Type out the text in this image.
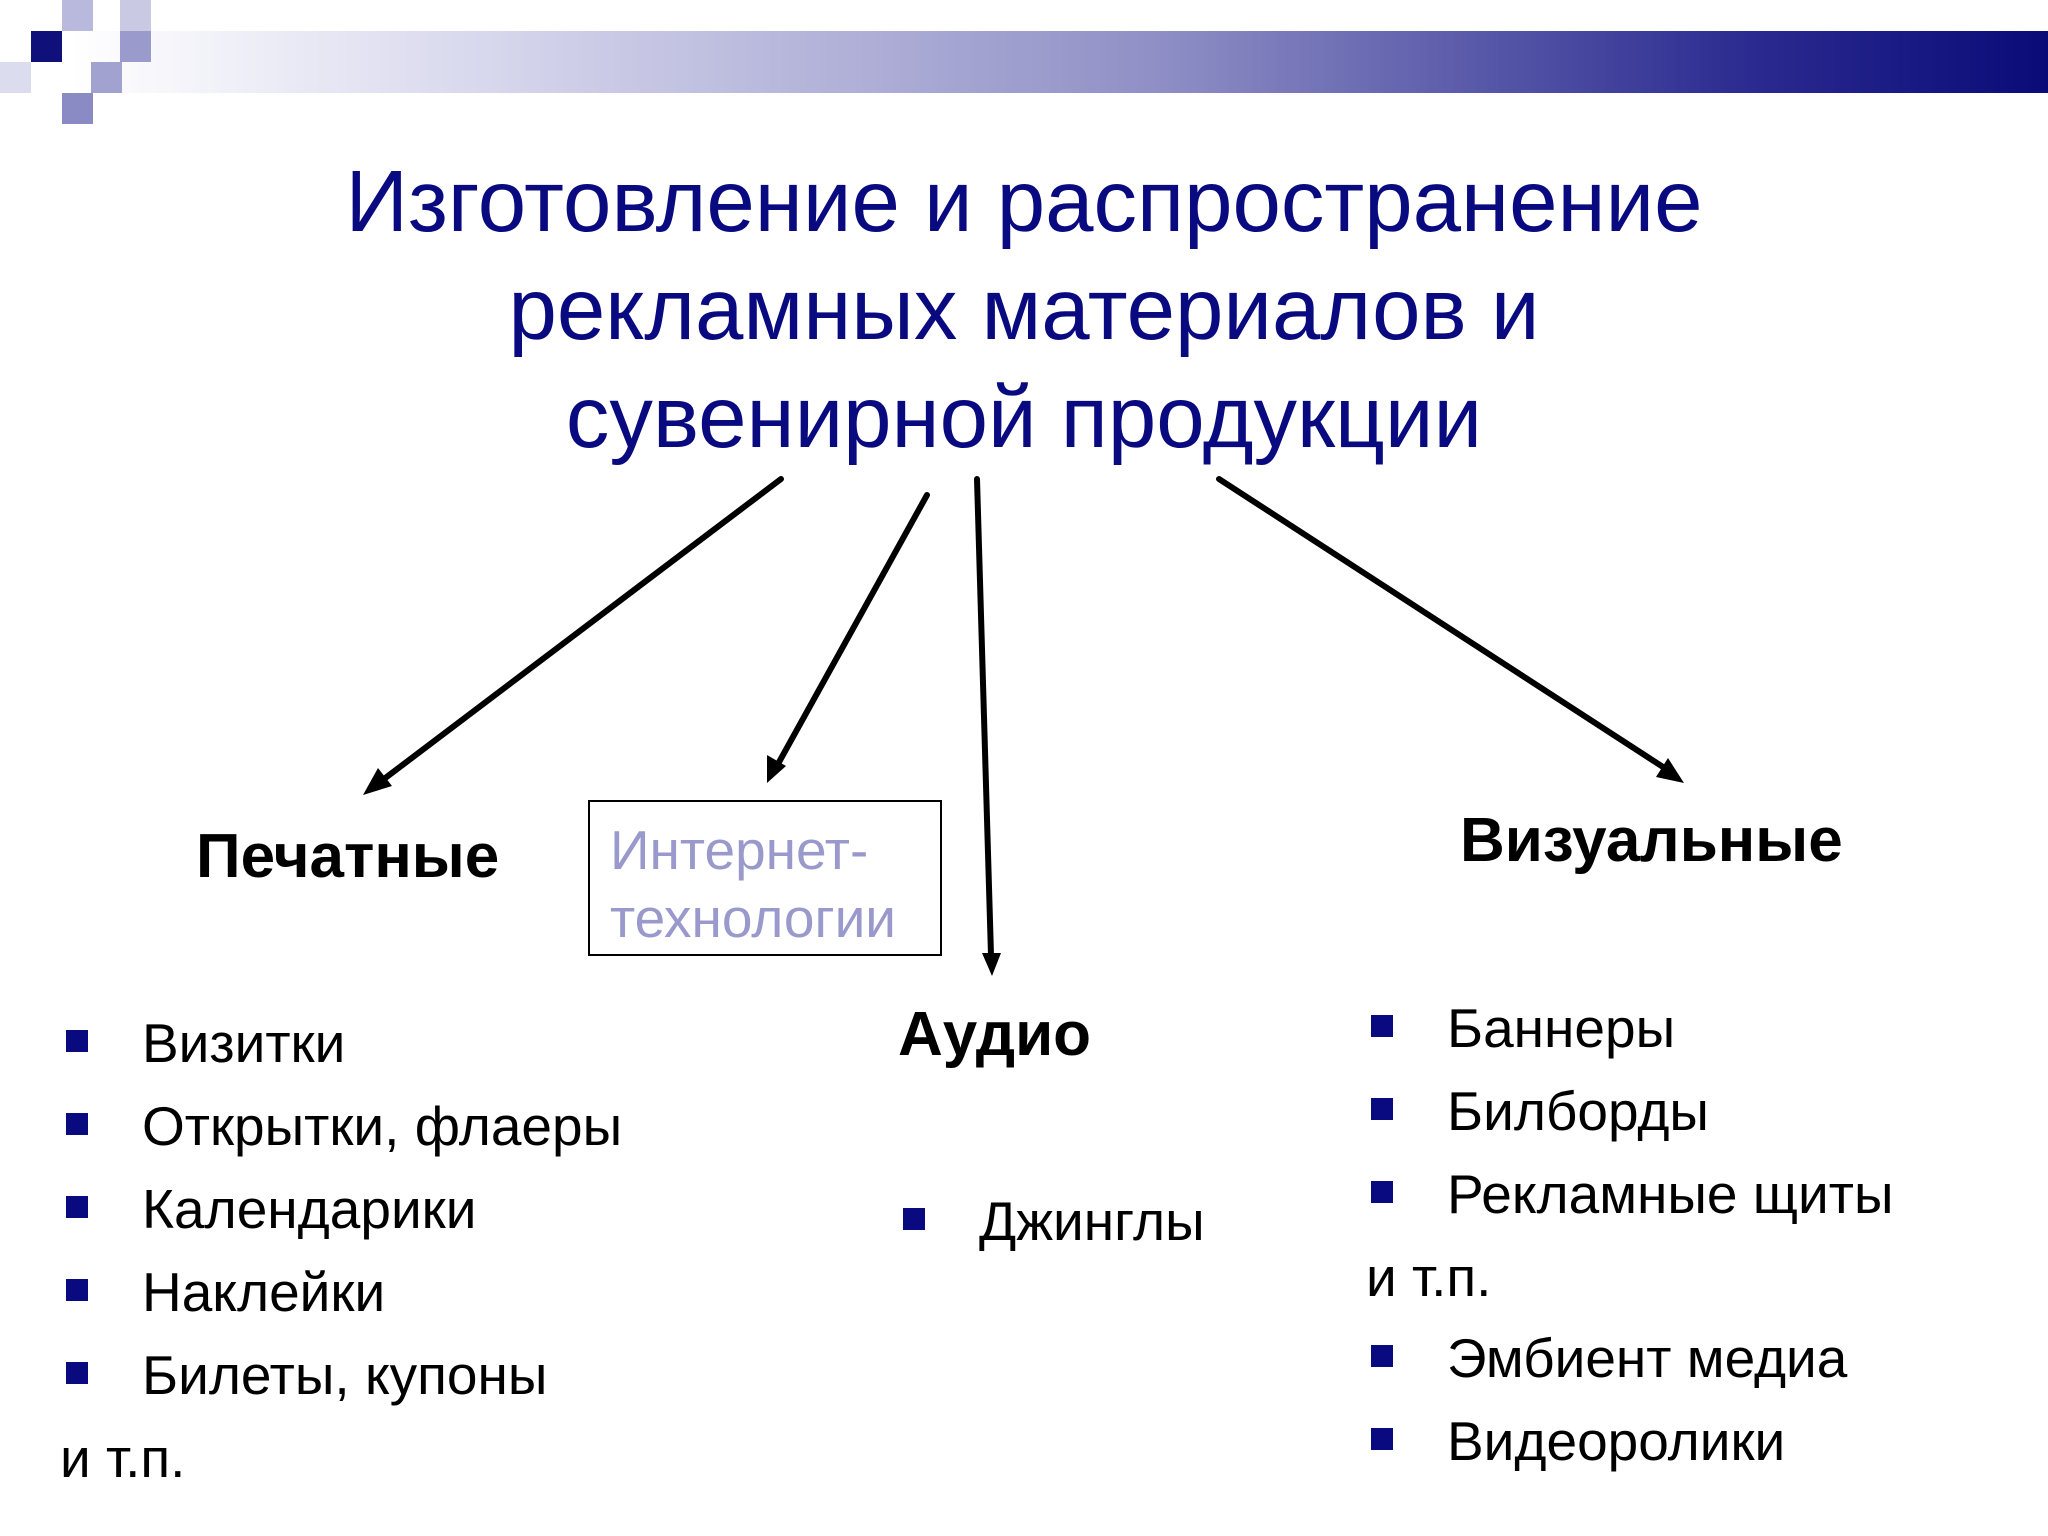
Изготовление и распространение
рекламных материалов и
сувенирной продукции
Печатные
Аудио
Визуальные
Интернет-
технологии
Визитки
Открытки, флаеры
Календарики
Наклейки
Билеты, купоны
и т.п.
Джинглы
Баннеры
Билборды
Рекламные щиты
и т.п.
Эмбиент медиа
Видеоролики
